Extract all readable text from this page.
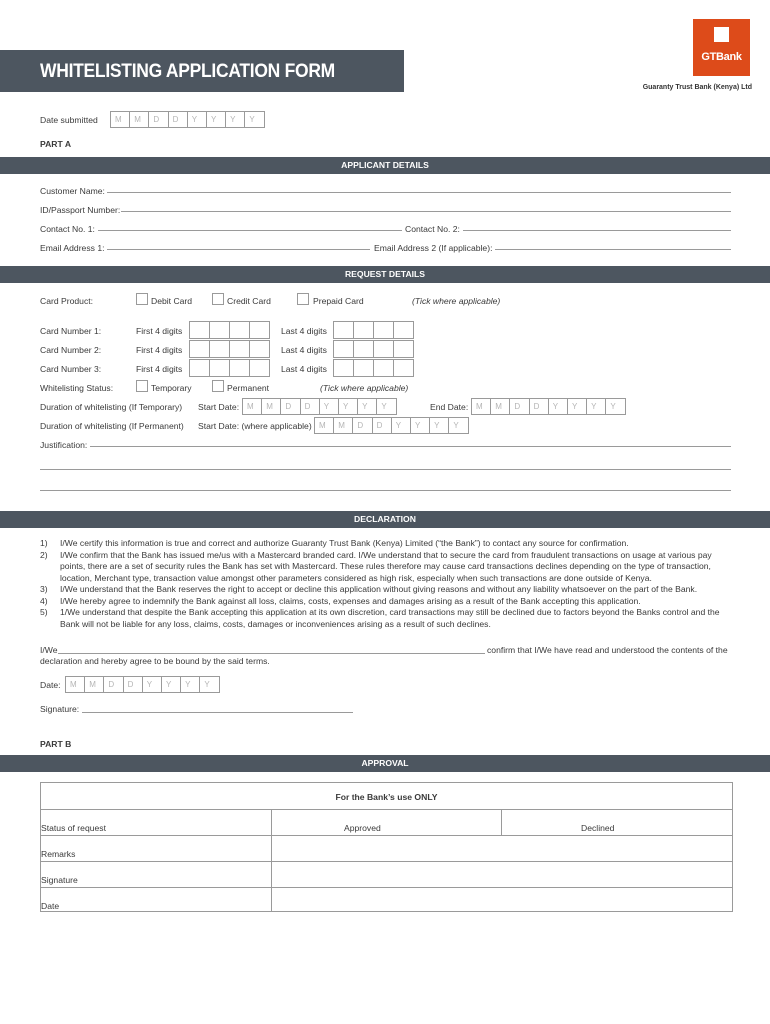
WHITELISTING APPLICATION FORM
GTBank
Guaranty Trust Bank (Kenya) Ltd
Date submitted	M	M	D	D	Y	Y	Y	Y
PART A
APPLICANT DETAILS
Customer Name:
ID/Passport Number:
Contact No. 1:	Contact No. 2:
Email Address 1:	Email Address 2 (If applicable):
REQUEST DETAILS
Card Product:	Debit Card	Credit Card	Prepaid Card	(Tick where applicable)
Card Number 1:	First 4 digits	Last 4 digits
Card Number 2:	First 4 digits	Last 4 digits
Card Number 3:	First 4 digits	Last 4 digits
Whitelisting Status:	Temporary	Permanent	(Tick where applicable)
Duration of whitelisting (If Temporary) Start Date: M	M	D	D	Y	Y	Y	Y	End Date: M	M	D	D	Y	Y	Y	Y
Duration of whitelisting (If Permanent) Start Date: (where applicable) M	M	D	D	Y	Y	Y	Y
Justification:
DECLARATION
1)	I/We certify this information is true and correct and authorize Guaranty Trust Bank (Kenya) Limited (“the Bank”) to contact any source for confirmation.
2)	I/We confirm that the Bank has issued me/us with a Mastercard branded card. I/We understand that to secure the card from fraudulent transactions on usage at various pay points, there are a set of security rules the Bank has set with Mastercard. These rules therefore may cause card transactions declines depending on the type of transaction, location, Merchant type, transaction value amongst other parameters considered as high risk, especially when such transactions are done outside of Kenya.
3)	I/We understand that the Bank reserves the right to accept or decline this application without giving reasons and without any liability whatsoever on the part of the Bank.
4)	I/We hereby agree to indemnify the Bank against all loss, claims, costs, expenses and damages arising as a result of the Bank accepting this application.
5)	1/We understand that despite the Bank accepting this application at its own discretion, card transactions may still be declined due to factors beyond the Banks control and the Bank will not be liable for any loss, claims, costs, damages or inconveniences arising as a result of such declines.
I/We	confirm that I/We have read and understood the contents of the
declaration and hereby agree to be bound by the said terms.
Date:	M	M	D	D	Y	Y	Y	Y
Signature:
PART B
APPROVAL
For the Bank’s use ONLY
Status of request	Approved	Declined
Remarks
Signature
Date
